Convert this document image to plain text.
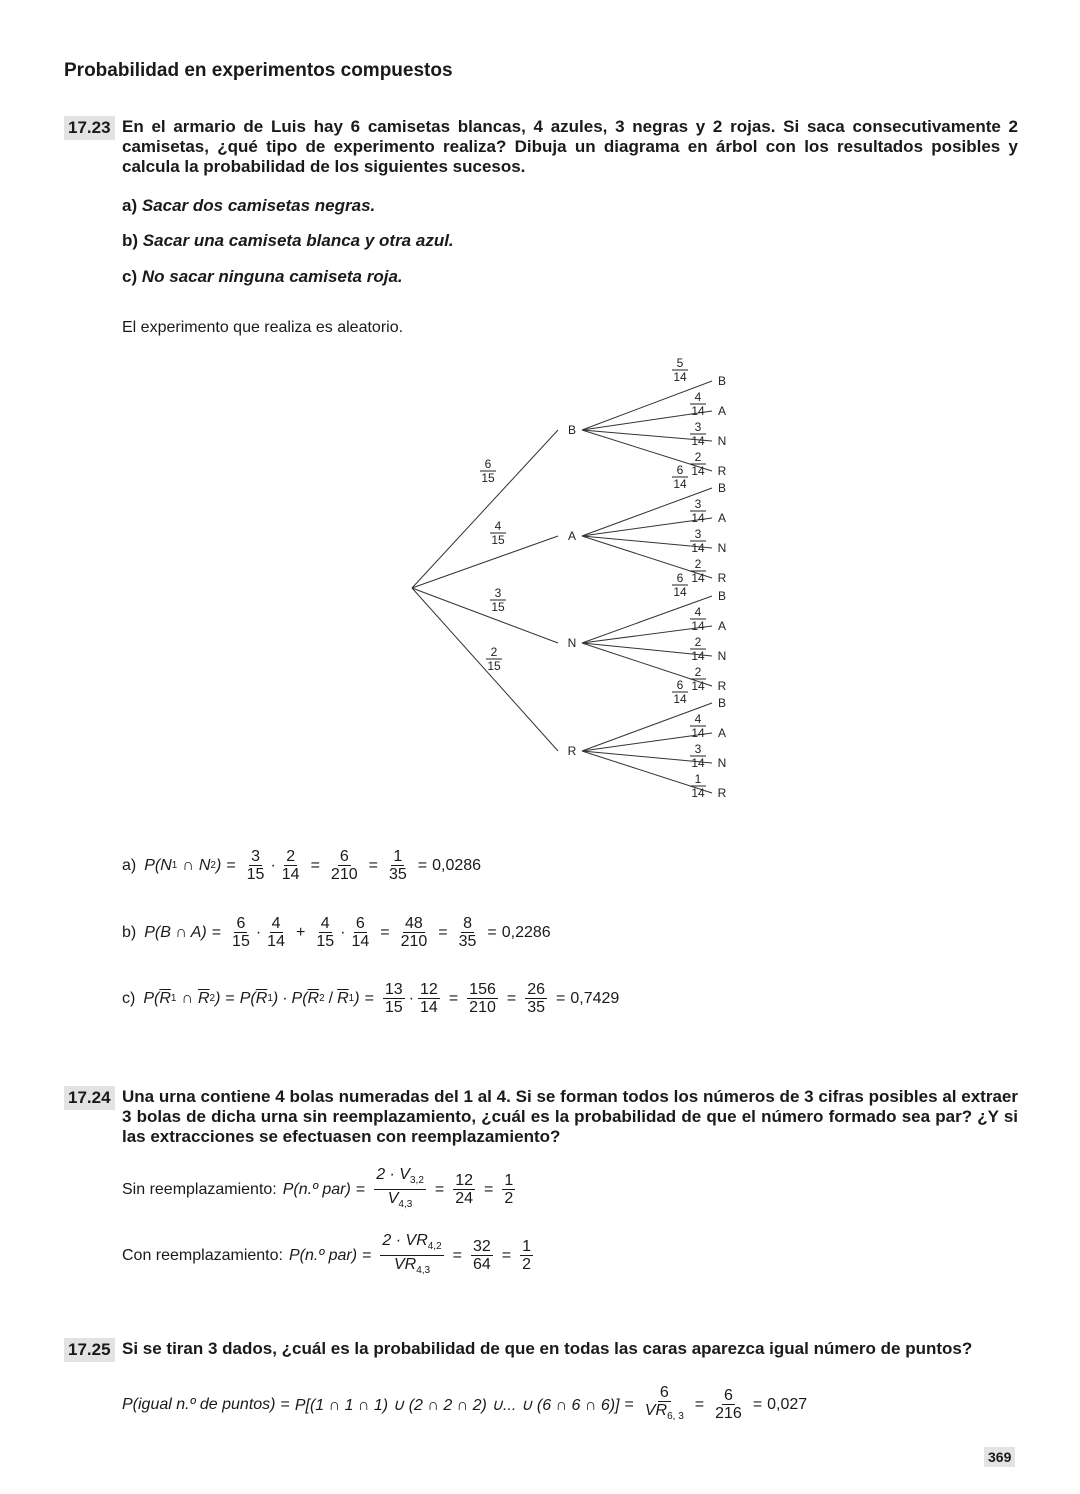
Probabilidad en experimentos compuestos
17.23 En el armario de Luis hay 6 camisetas blancas, 4 azules, 3 negras y 2 rojas. Si saca consecutivamente 2 camisetas, ¿qué tipo de experimento realiza? Dibuja un diagrama en árbol con los resultados posibles y calcula la probabilidad de los siguientes sucesos.
a) Sacar dos camisetas negras.
b) Sacar una camiseta blanca y otra azul.
c) No sacar ninguna camiseta roja.
El experimento que realiza es aleatorio.
B
6
15
A
4
15
N
3
15
R
2
15
B
5
14
A
4
14
N
3
14
R
2
14
B
6
14
A
3
14
N
3
14
R
2
14
B
6
14
A
4
14
N
2
14
R
2
14
B
6
14
A
4
14
N
3
14
R
1
14
a) P(N 1 ∩ N 2 ) = $\frac{3}{15} \cdot \frac{2}{14} = \frac{6}{210} = \frac{1}{35} = 0,0286$
b) P(B ∩ $A) = \frac{6}{15} \cdot \frac{4}{14} + \frac{4}{15} \cdot \frac{6}{14} = \frac{48}{210} = \frac{8}{35} = 0,2286$
c) P( $\overline{R}$ 1 ∩ $\overline{R}$ 2 ) = P( $\overline{R}$ 1 ) · P( $\overline{R}$ $2 / \overline{R}$ 1 ) = $\frac{13}{15} \cdot \frac{12}{14} = \frac{156}{210} = \frac{26}{35} = 0,7429$
17.24 Una urna contiene 4 bolas numeradas del 1 al 4. Si se forman todos los números de 3 cifras posibles al extraer 3 bolas de dicha urna sin reemplazamiento, ¿cuál es la probabilidad de que el número formado sea par? ¿Y si las extracciones se efectuasen con reemplazamiento?
Sin reemplazamiento: P(n.º $par) = \frac{2 \cdot V_{3,2}}{V_{4,3}} = \frac{12}{24} = \frac{1}{2}$
Con reemplazamiento: P(n.º $par) = \frac{2 \cdot VR_{4,2}}{VR_{4,3}} = \frac{32}{64} = \frac{1}{2}$
17.25 Si se tiran 3 dados, ¿cuál es la probabilidad de que en todas las caras aparezca igual número de puntos?
P(igual n.º de puntos) = P[(1 ∩ 1 ∩ 1) ∪ (2 ∩ 2 ∩ 2) ∪... ∪ (6 ∩ 6 ∩ $6)] = \frac{6}{VR_{6, 3}} = \frac{6}{216} = 0,027$
369
